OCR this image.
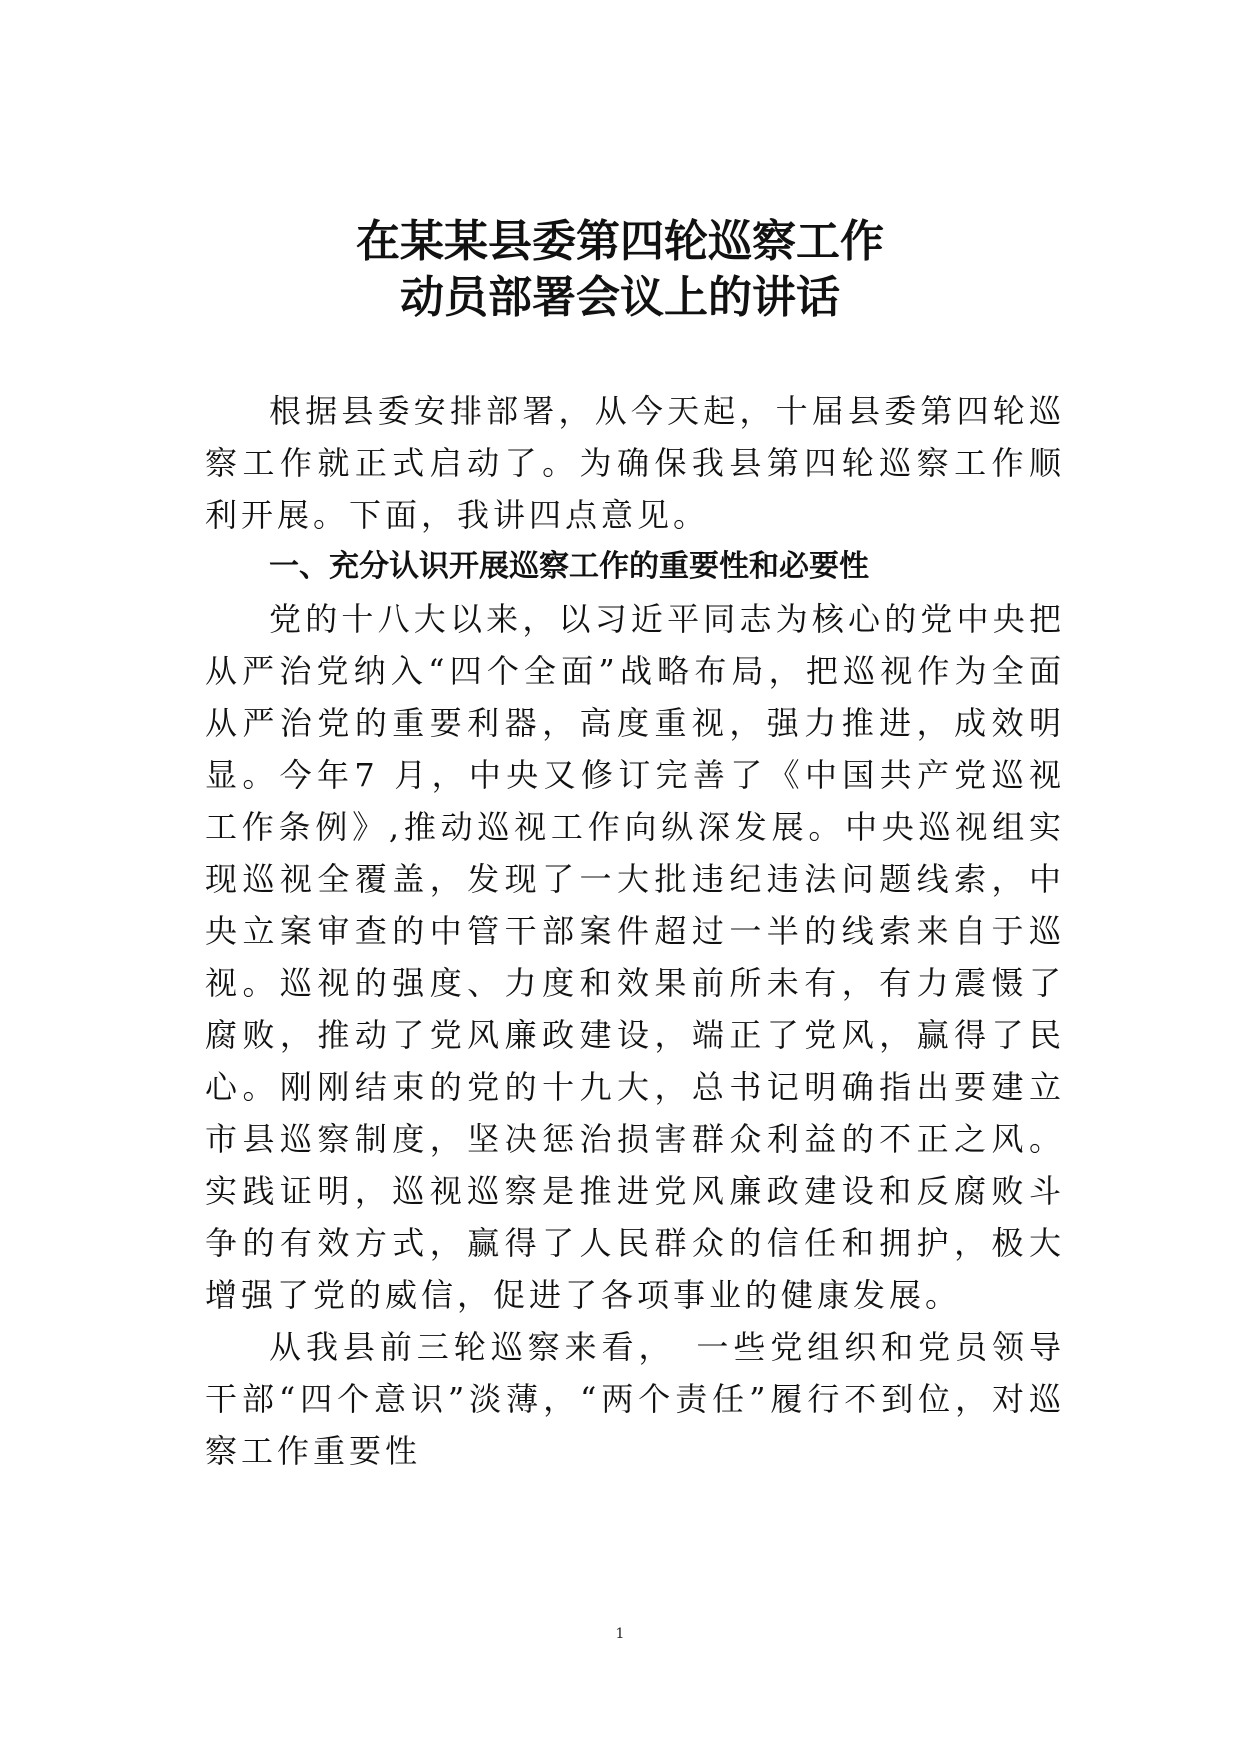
在某某县委第四轮巡察工作
动员部署会议上的讲话

根据县委安排部署，从今天起，十届县委第四轮巡察工作就正式启动了。为确保我县第四轮巡察工作顺利开展。下面，我讲四点意见。

一、充分认识开展巡察工作的重要性和必要性

党的十八大以来，以习近平同志为核心的党中央把从严治党纳入“四个全面”战略布局，把巡视作为全面从严治党的重要利器，高度重视，强力推进，成效明显。今年7 月，中央又修订完善了《中国共产党巡视工作条例》,推动巡视工作向纵深发展。中央巡视组实现巡视全覆盖，发现了一大批违纪违法问题线索，中央立案审查的中管干部案件超过一半的线索来自于巡视。巡视的强度、力度和效果前所未有，有力震慑了腐败，推动了党风廉政建设，端正了党风，赢得了民心。刚刚结束的党的十九大，总书记明确指出要建立市县巡察制度，坚决惩治损害群众利益的不正之风。实践证明，巡视巡察是推进党风廉政建设和反腐败斗争的有效方式，赢得了人民群众的信任和拥护，极大增强了党的威信，促进了各项事业的健康发展。

从我县前三轮巡察来看，　一些党组织和党员领导干部“四个意识”淡薄，“两个责任”履行不到位，对巡察工作重要性

1
